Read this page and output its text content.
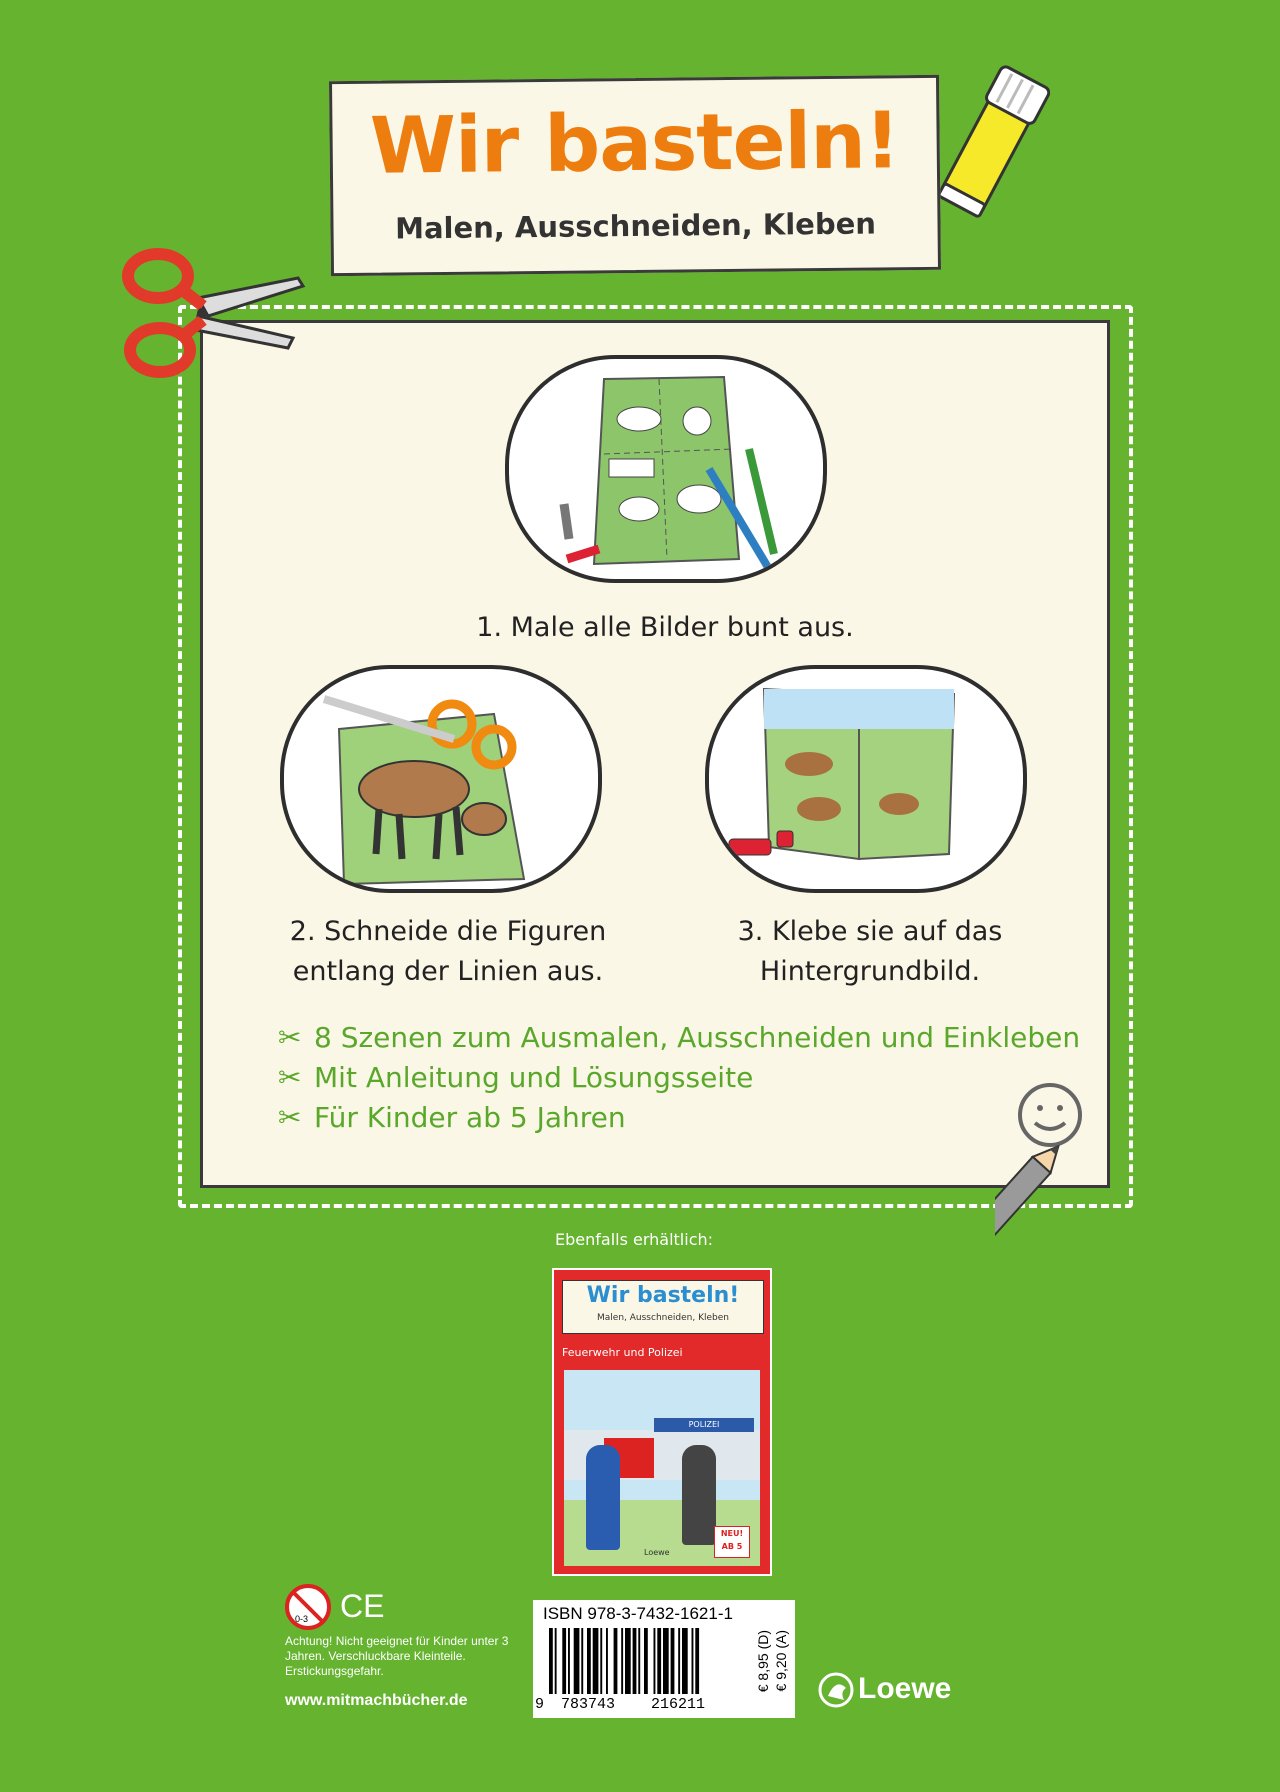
Wir basteln!
Malen, Ausschneiden, Kleben
1. Male alle Bilder bunt aus.
2. Schneide die Figuren
entlang der Linien aus.
3. Klebe sie auf das
Hintergrundbild.
✂ 8 Szenen zum Ausmalen, Ausschneiden und Einkleben
✂ Mit Anleitung und Lösungsseite
✂ Für Kinder ab 5 Jahren
Ebenfalls erhältlich:
Wir basteln!
Malen, Ausschneiden, Kleben
Feuerwehr und Polizei
POLIZEI
NEU!
AB 5
Loewe
0-3 CE
Achtung! Nicht geeignet für Kinder unter 3 Jahren. Verschluckbare Kleinteile. Erstickungsgefahr.
www.mitmachbücher.de
ISBN 978-3-7432-1621-1
9 783743 216211
€ 8,95 (D) € 9,20 (A) Loewe
